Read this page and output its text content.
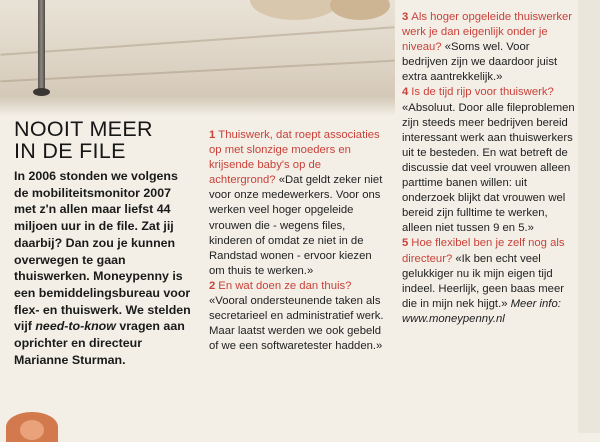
NOOIT MEER
IN DE FILE
In 2006 stonden we volgens de mobiliteitsmonitor 2007 met z'n allen maar liefst 44 miljoen uur in de file. Zat jij daarbij? Dan zou je kunnen overwegen te gaan thuiswerken. Moneypenny is een bemiddelingsbureau voor flex- en thuiswerk. We stelden vijf need-to-know vragen aan oprichter en directeur Marianne Sturman.

1 Thuiswerk, dat roept associaties op met slonzige moeders en krijsende baby's op de achtergrond? «Dat geldt zeker niet voor onze medewerkers. Voor ons werken veel hoger opgeleide vrouwen die - wegens files, kinderen of omdat ze niet in de Randstad wonen - ervoor kiezen om thuis te werken.»

2 En wat doen ze dan thuis?
«Vooral ondersteunende taken als secretarieel en administratief werk. Maar laatst werden we ook gebeld of we een softwaretester hadden.»

3 Als hoger opgeleide thuiswerker werk je dan eigenlijk onder je niveau? «Soms wel. Voor bedrijven zijn we daardoor juist extra aantrekkelijk.»

4 Is de tijd rijp voor thuiswerk?
«Absoluut. Door alle fileproblemen zijn steeds meer bedrijven bereid interessant werk aan thuiswerkers uit te besteden. En wat betreft de discussie dat veel vrouwen alleen parttime banen willen: uit onderzoek blijkt dat vrouwen wel bereid zijn fulltime te werken, alleen niet tussen 9 en 5.»

5 Hoe flexibel ben je zelf nog als directeur? «Ik ben echt veel gelukkiger nu ik mijn eigen tijd indeel. Heerlijk, geen baas meer die in mijn nek hijgt.» Meer info: www.moneypenny.nl
